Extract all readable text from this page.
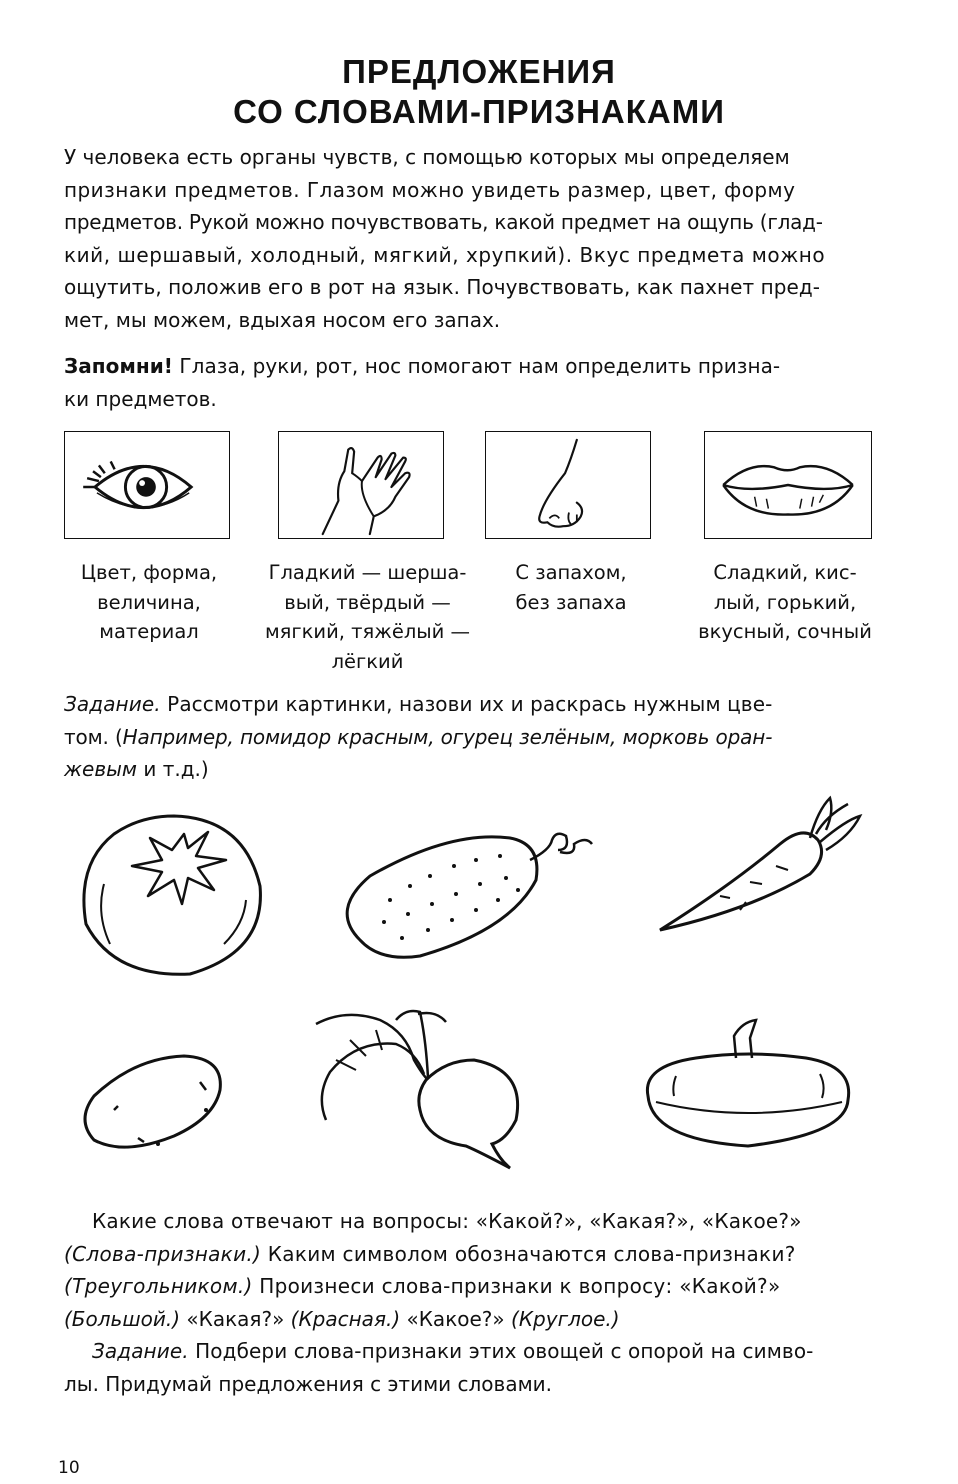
ПРЕДЛОЖЕНИЯ
СО СЛОВАМИ-ПРИЗНАКАМИ
У человека есть органы чувств, с помощью которых мы определяем
признаки предметов. Глазом можно увидеть размер, цвет, форму
предметов. Рукой можно почувствовать, какой предмет на ощупь (глад-
кий, шершавый, холодный, мягкий, хрупкий). Вкус предмета можно
ощутить, положив его в рот на язык. Почувствовать, как пахнет пред-
мет, мы можем, вдыхая носом его запах.
Запомни! Глаза, руки, рот, нос помогают нам определить призна-
ки предметов.
Цвет, форма,
величина,
материал
Гладкий — шерша-
вый, твёрдый —
мягкий, тяжёлый —
лёгкий
С запахом,
без запаха
Сладкий, кис-
лый, горький,
вкусный, сочный
Задание. Рассмотри картинки, назови их и раскрась нужным цве-
том. (Например, помидор красным, огурец зелёным, морковь оран-
жевым и т.д.)
Какие слова отвечают на вопросы: «Какой?», «Какая?», «Какое?»
(Слова-признаки.) Каким символом обозначаются слова-признаки?
(Треугольником.) Произнеси слова-признаки к вопросу: «Какой?»
(Большой.) «Какая?» (Красная.) «Какое?» (Круглое.)
Задание. Подбери слова-признаки этих овощей с опорой на симво-
лы. Придумай предложения с этими словами.
10
